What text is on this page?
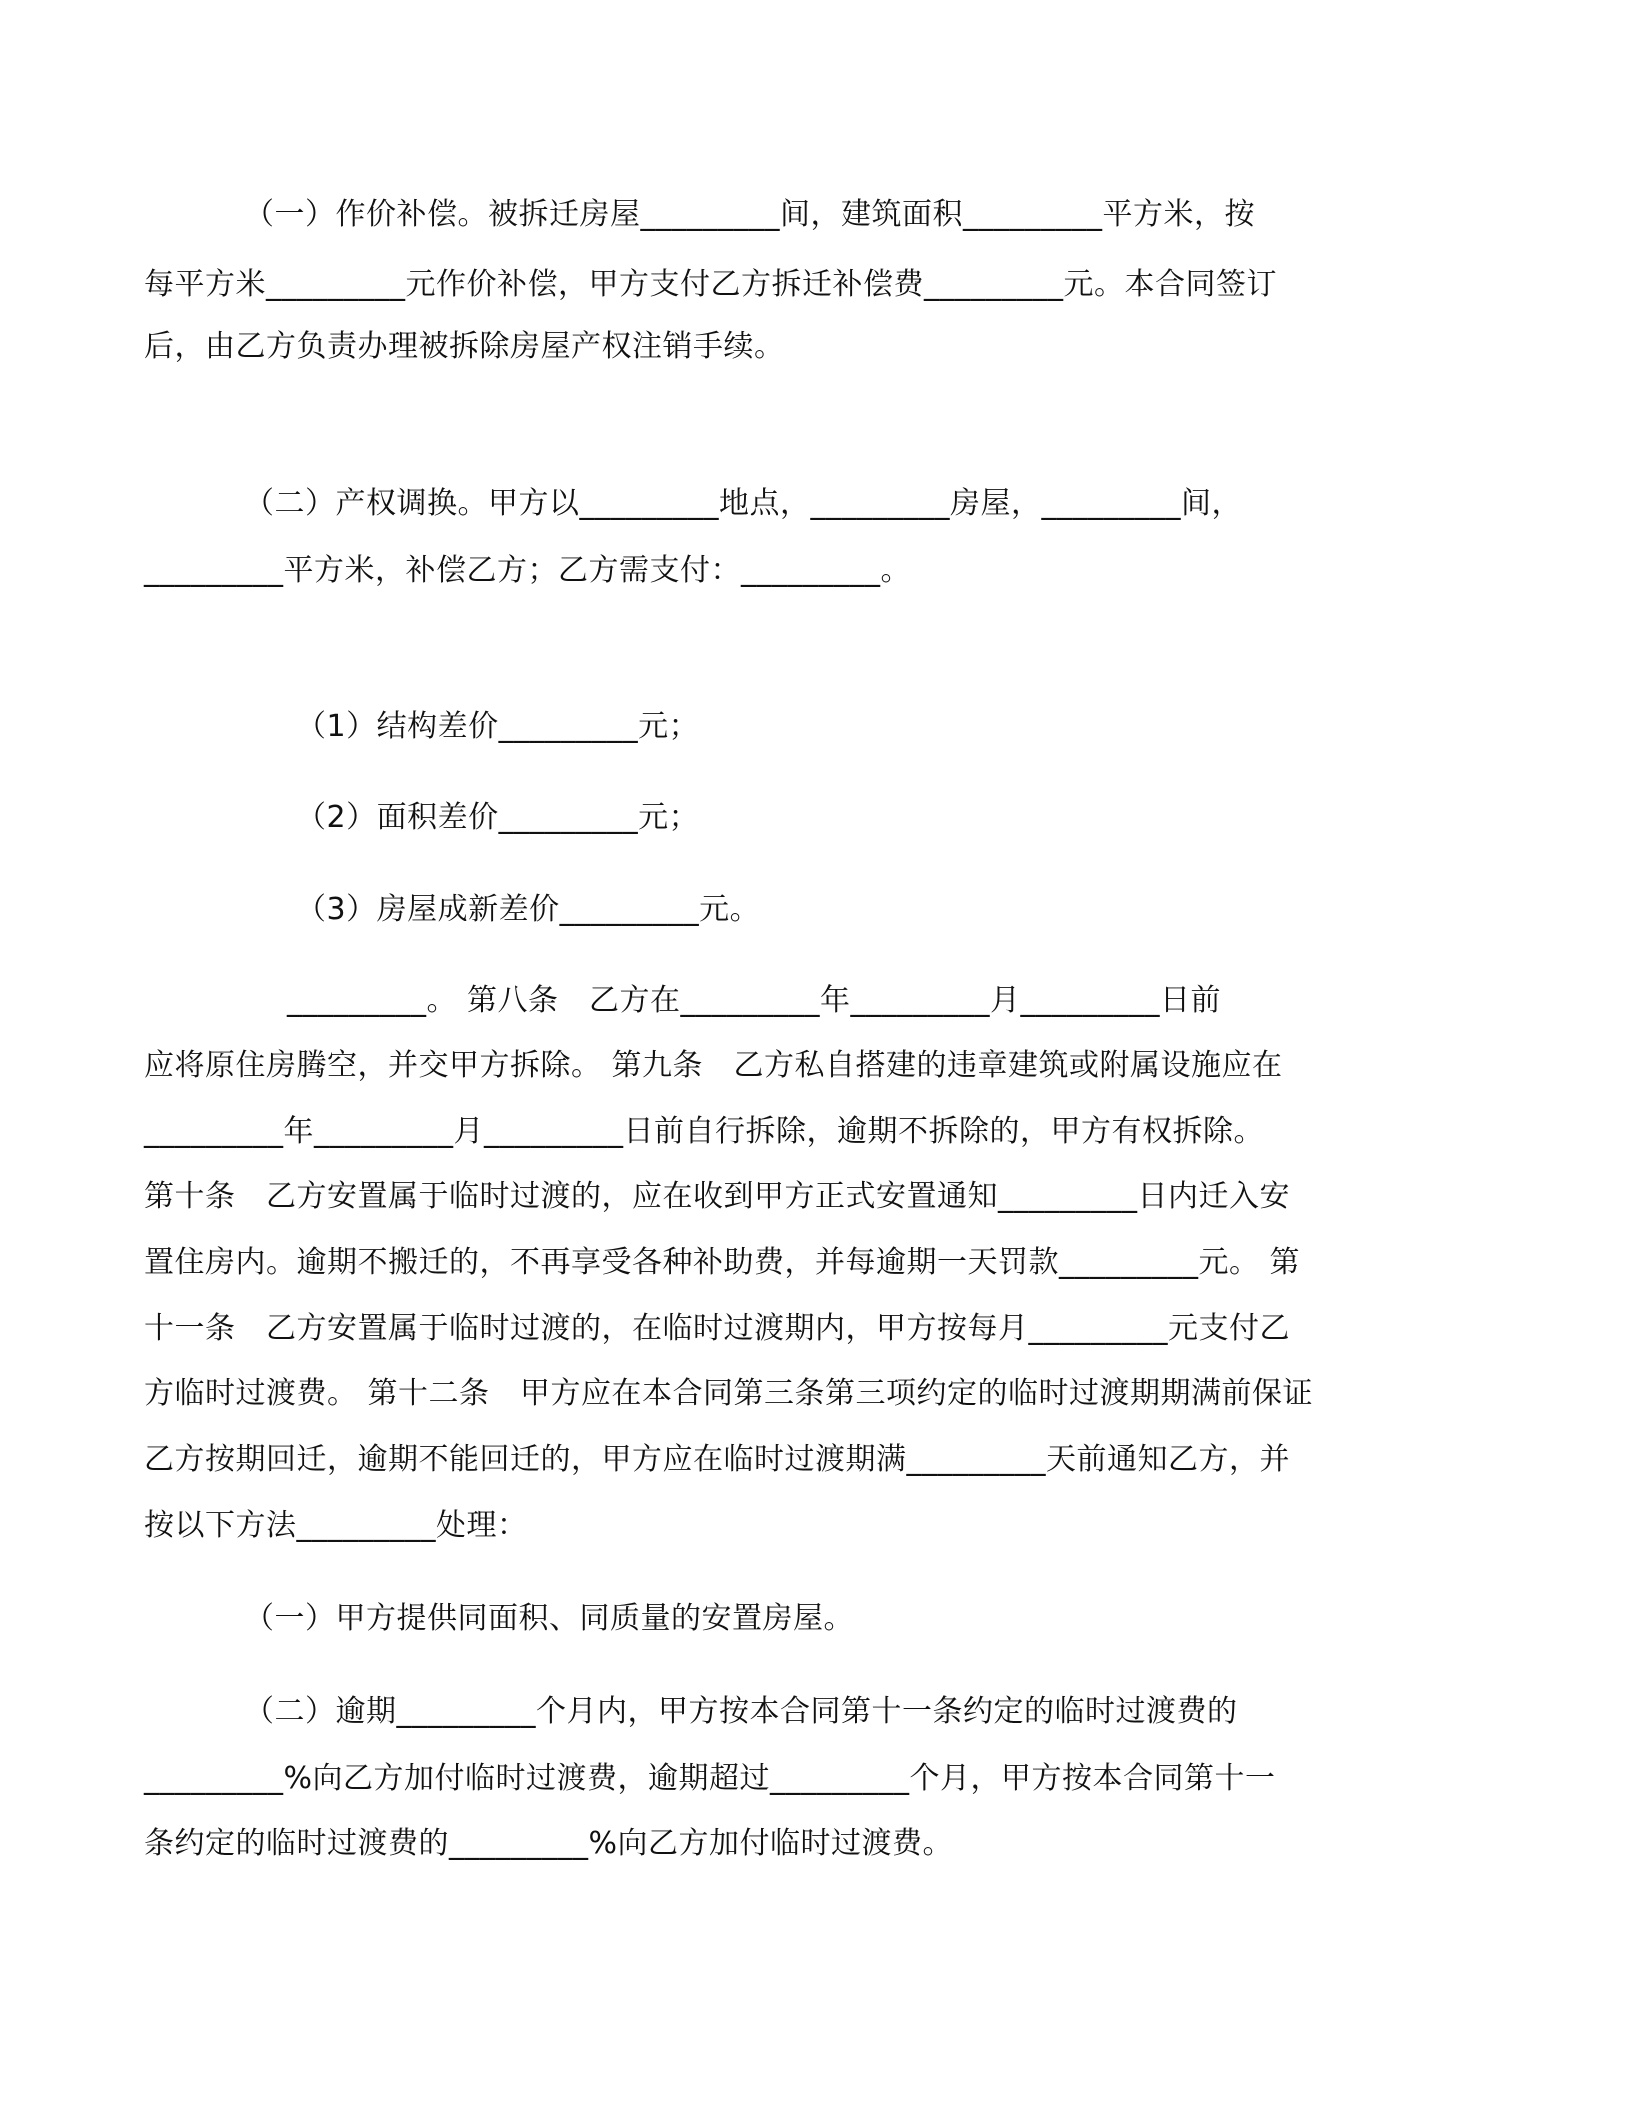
（一）作价补偿。被拆迁房屋_________间，建筑面积_________平方米，按
每平方米_________元作价补偿，甲方支付乙方拆迁补偿费_________元。本合同签订
后，由乙方负责办理被拆除房屋产权注销手续。
（二）产权调换。甲方以_________地点，_________房屋，_________间，
_________平方米，补偿乙方；乙方需支付：_________。
（1）结构差价_________元；
（2）面积差价_________元；
（3）房屋成新差价_________元。
_________。 第八条　乙方在_________年_________月_________日前
应将原住房腾空，并交甲方拆除。 第九条　乙方私自搭建的违章建筑或附属设施应在
_________年_________月_________日前自行拆除，逾期不拆除的，甲方有权拆除。
第十条　乙方安置属于临时过渡的，应在收到甲方正式安置通知_________日内迁入安
置住房内。逾期不搬迁的，不再享受各种补助费，并每逾期一天罚款_________元。 第
十一条　乙方安置属于临时过渡的，在临时过渡期内，甲方按每月_________元支付乙
方临时过渡费。 第十二条　甲方应在本合同第三条第三项约定的临时过渡期期满前保证
乙方按期回迁，逾期不能回迁的，甲方应在临时过渡期满_________天前通知乙方，并
按以下方法_________处理：
（一）甲方提供同面积、同质量的安置房屋。
（二）逾期_________个月内，甲方按本合同第十一条约定的临时过渡费的
_________%向乙方加付临时过渡费，逾期超过_________个月，甲方按本合同第十一
条约定的临时过渡费的_________%向乙方加付临时过渡费。
